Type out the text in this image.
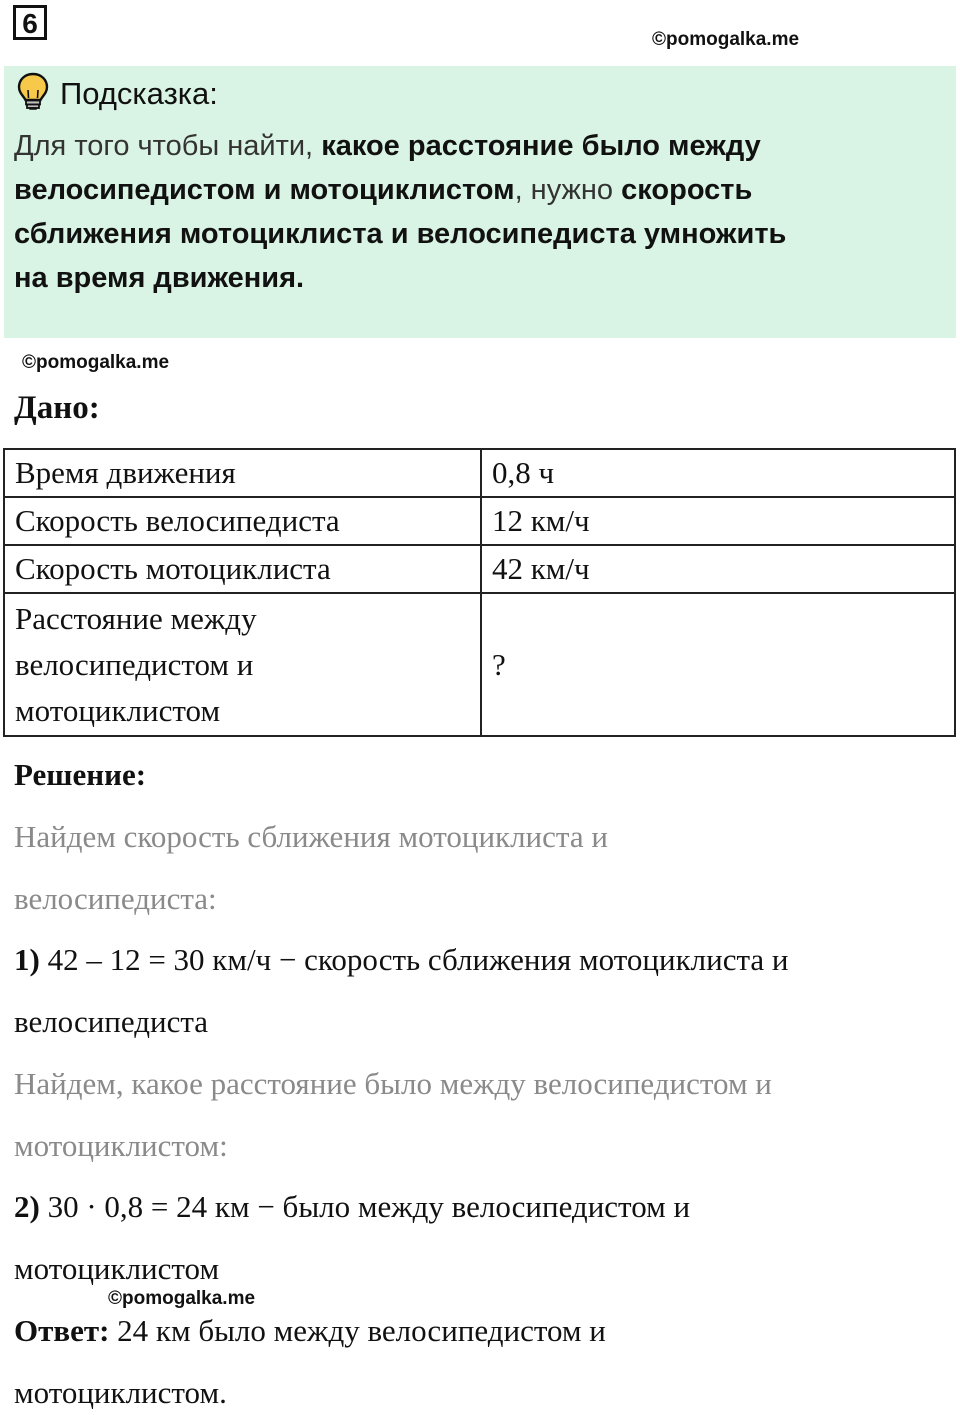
6
©pomogalka.me
Подсказка:
Для того чтобы найти, какое расстояние было между
велосипедистом и мотоциклистом, нужно скорость
сближения мотоциклиста и велосипедиста умножить
на время движения.
©pomogalka.me
Дано:
Время движения	0,8 ч
Скорость велосипедиста	12 км/ч
Скорость мотоциклиста	42 км/ч
Расстояние между
велосипедистом и
мотоциклистом	?
Решение:
Найдем скорость сближения мотоциклиста и
велосипедиста:
1) 42 – 12 = 30 км/ч − скорость сближения мотоциклиста и
велосипедиста
Найдем, какое расстояние было между велосипедистом и
мотоциклистом:
2) 30 · 0,8 = 24 км − было между велосипедистом и
мотоциклистом
©pomogalka.me
Ответ: 24 км было между велосипедистом и
мотоциклистом.
